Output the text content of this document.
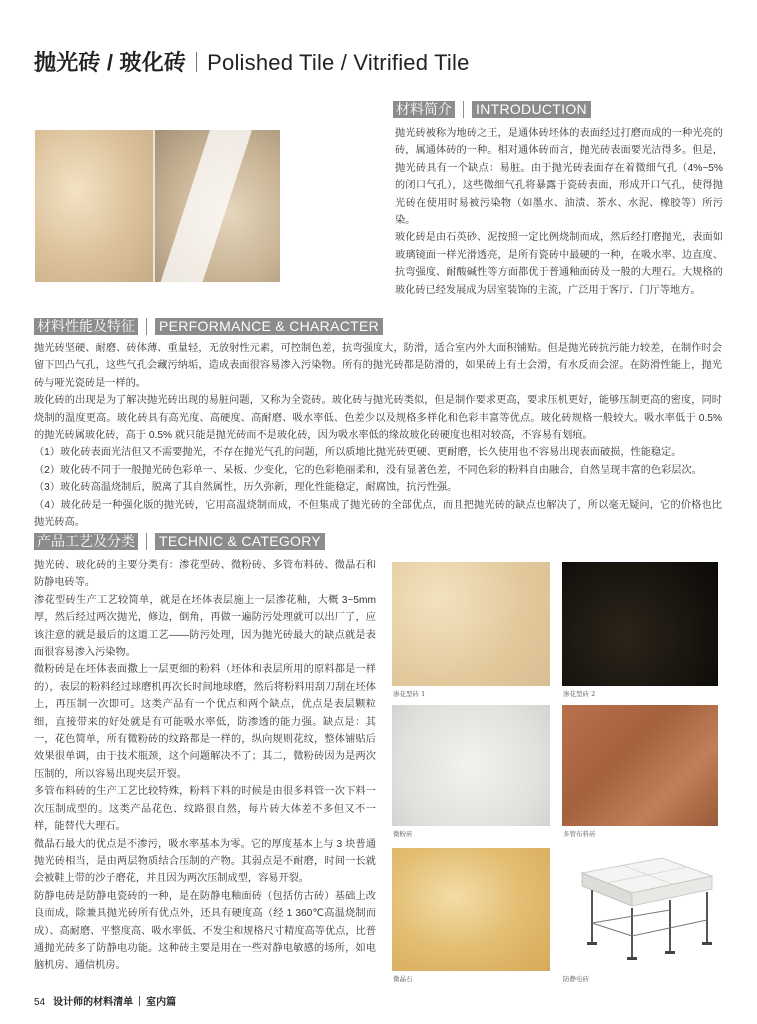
抛光砖 / 玻化砖 Polished Tile / Vitrified Tile
材料简介 INTRODUCTION

抛光砖被称为地砖之王，是通体砖坯体的表面经过打磨而成的一种光亮的砖，属通体砖的一种。相对通体砖而言，抛光砖表面要光洁得多。但是，抛光砖具有一个缺点：易脏。由于抛光砖表面存在着微细气孔（4%~5% 的闭口气孔），这些微细气孔将暴露于瓷砖表面，形成开口气孔，使得抛光砖在使用时易被污染物（如墨水、油渍、茶水、水泥、橡胶等）所污染。

玻化砖是由石英砂、泥按照一定比例烧制而成，然后经打磨抛光，表面如玻璃镜面一样光滑透亮，是所有瓷砖中最硬的一种，在吸水率、边直度、抗弯强度、耐酸碱性等方面都优于普通釉面砖及一般的大理石。大规格的玻化砖已经发展成为居室装饰的主流，广泛用于客厅、门厅等地方。

材料性能及特征 PERFORMANCE & CHARACTER

抛光砖坚硬、耐磨、砖体薄、重量轻，无放射性元素，可控制色差，抗弯强度大，防滑，适合室内外大面积铺贴。但是抛光砖抗污能力较差，在制作时会留下凹凸气孔，这些气孔会藏污纳垢，造成表面很容易渗入污染物。所有的抛光砖都是防滑的，如果砖上有土会滑，有水反而会涩。在防滑性能上，抛光砖与哑光瓷砖是一样的。

玻化砖的出现是为了解决抛光砖出现的易脏问题，又称为全瓷砖。玻化砖与抛光砖类似，但是制作要求更高，要求压机更好，能够压制更高的密度，同时烧制的温度更高。玻化砖具有高光度、高硬度、高耐磨、吸水率低、色差少以及规格多样化和色彩丰富等优点。玻化砖规格一般较大。吸水率低于 0.5% 的抛光砖属玻化砖，高于 0.5% 就只能是抛光砖而不是玻化砖，因为吸水率低的缘故玻化砖硬度也相对较高，不容易有划痕。

（1）玻化砖表面光洁但又不需要抛光，不存在抛光气孔的问题，所以质地比抛光砖更硬、更耐磨，长久使用也不容易出现表面破损，性能稳定。

（2）玻化砖不同于一般抛光砖色彩单一、呆板、少变化，它的色彩艳丽柔和，没有显著色差，不同色彩的粉料自由融合，自然呈现丰富的色彩层次。

（3）玻化砖高温烧制后，脱离了其自然属性，历久弥新，理化性能稳定，耐腐蚀，抗污性强。

（4）玻化砖是一种强化版的抛光砖，它用高温烧制而成，不但集成了抛光砖的全部优点，而且把抛光砖的缺点也解决了，所以毫无疑问，它的价格也比抛光砖高。

产品工艺及分类 TECHNIC & CATEGORY

抛光砖、玻化砖的主要分类有：渗花型砖、微粉砖、多管布料砖、微晶石和防静电砖等。

渗花型砖生产工艺较简单，就是在坯体表层施上一层渗花釉，大概 3~5mm 厚，然后经过两次抛光，修边，倒角，再做一遍防污处理就可以出厂了，应该注意的就是最后的这道工艺——防污处理，因为抛光砖最大的缺点就是表面很容易渗入污染物。

微粉砖是在坯体表面撒上一层更细的粉料（坯体和表层所用的原料都是一样的），表层的粉料经过球磨机再次长时间地球磨，然后将粉料用刮刀刮在坯体上，再压制一次即可。这类产品有一个优点和两个缺点，优点是表层颗粒细，直接带来的好处就是有可能吸水率低，防渗透的能力强。缺点是：其一，花色简单，所有微粉砖的纹路都是一样的，纵向规则花纹，整体铺贴后效果很单调，由于技术瓶颈，这个问题解决不了；其二，微粉砖因为是两次压制的，所以容易出现夹层开裂。

多管布料砖的生产工艺比较特殊，粉料下料的时候是由很多料管一次下料一次压制成型的。这类产品花色、纹路很自然，每片砖大体差不多但又不一样，能替代大理石。

微晶石最大的优点是不渗污，吸水率基本为零。它的厚度基本上与 3 块普通抛光砖相当，是由两层物质结合压制的产物。其弱点是不耐磨，时间一长就会被鞋上带的沙子磨花，并且因为两次压制成型，容易开裂。

防静电砖是防静电瓷砖的一种，是在防静电釉面砖（包括仿古砖）基础上改良而成，除兼具抛光砖所有优点外，还具有硬度高（经 1 360℃高温烧制而成）、高耐磨、平整度高、吸水率低、不发尘和规格尺寸精度高等优点，比普通抛光砖多了防静电功能。这种砖主要是用在一些对静电敏感的场所，如电脑机房、通信机房。

渗花型砖 1	渗花型砖 2
微粉砖	多管布料砖
微晶石	防静电砖
54 设计师的材料清单 室内篇
